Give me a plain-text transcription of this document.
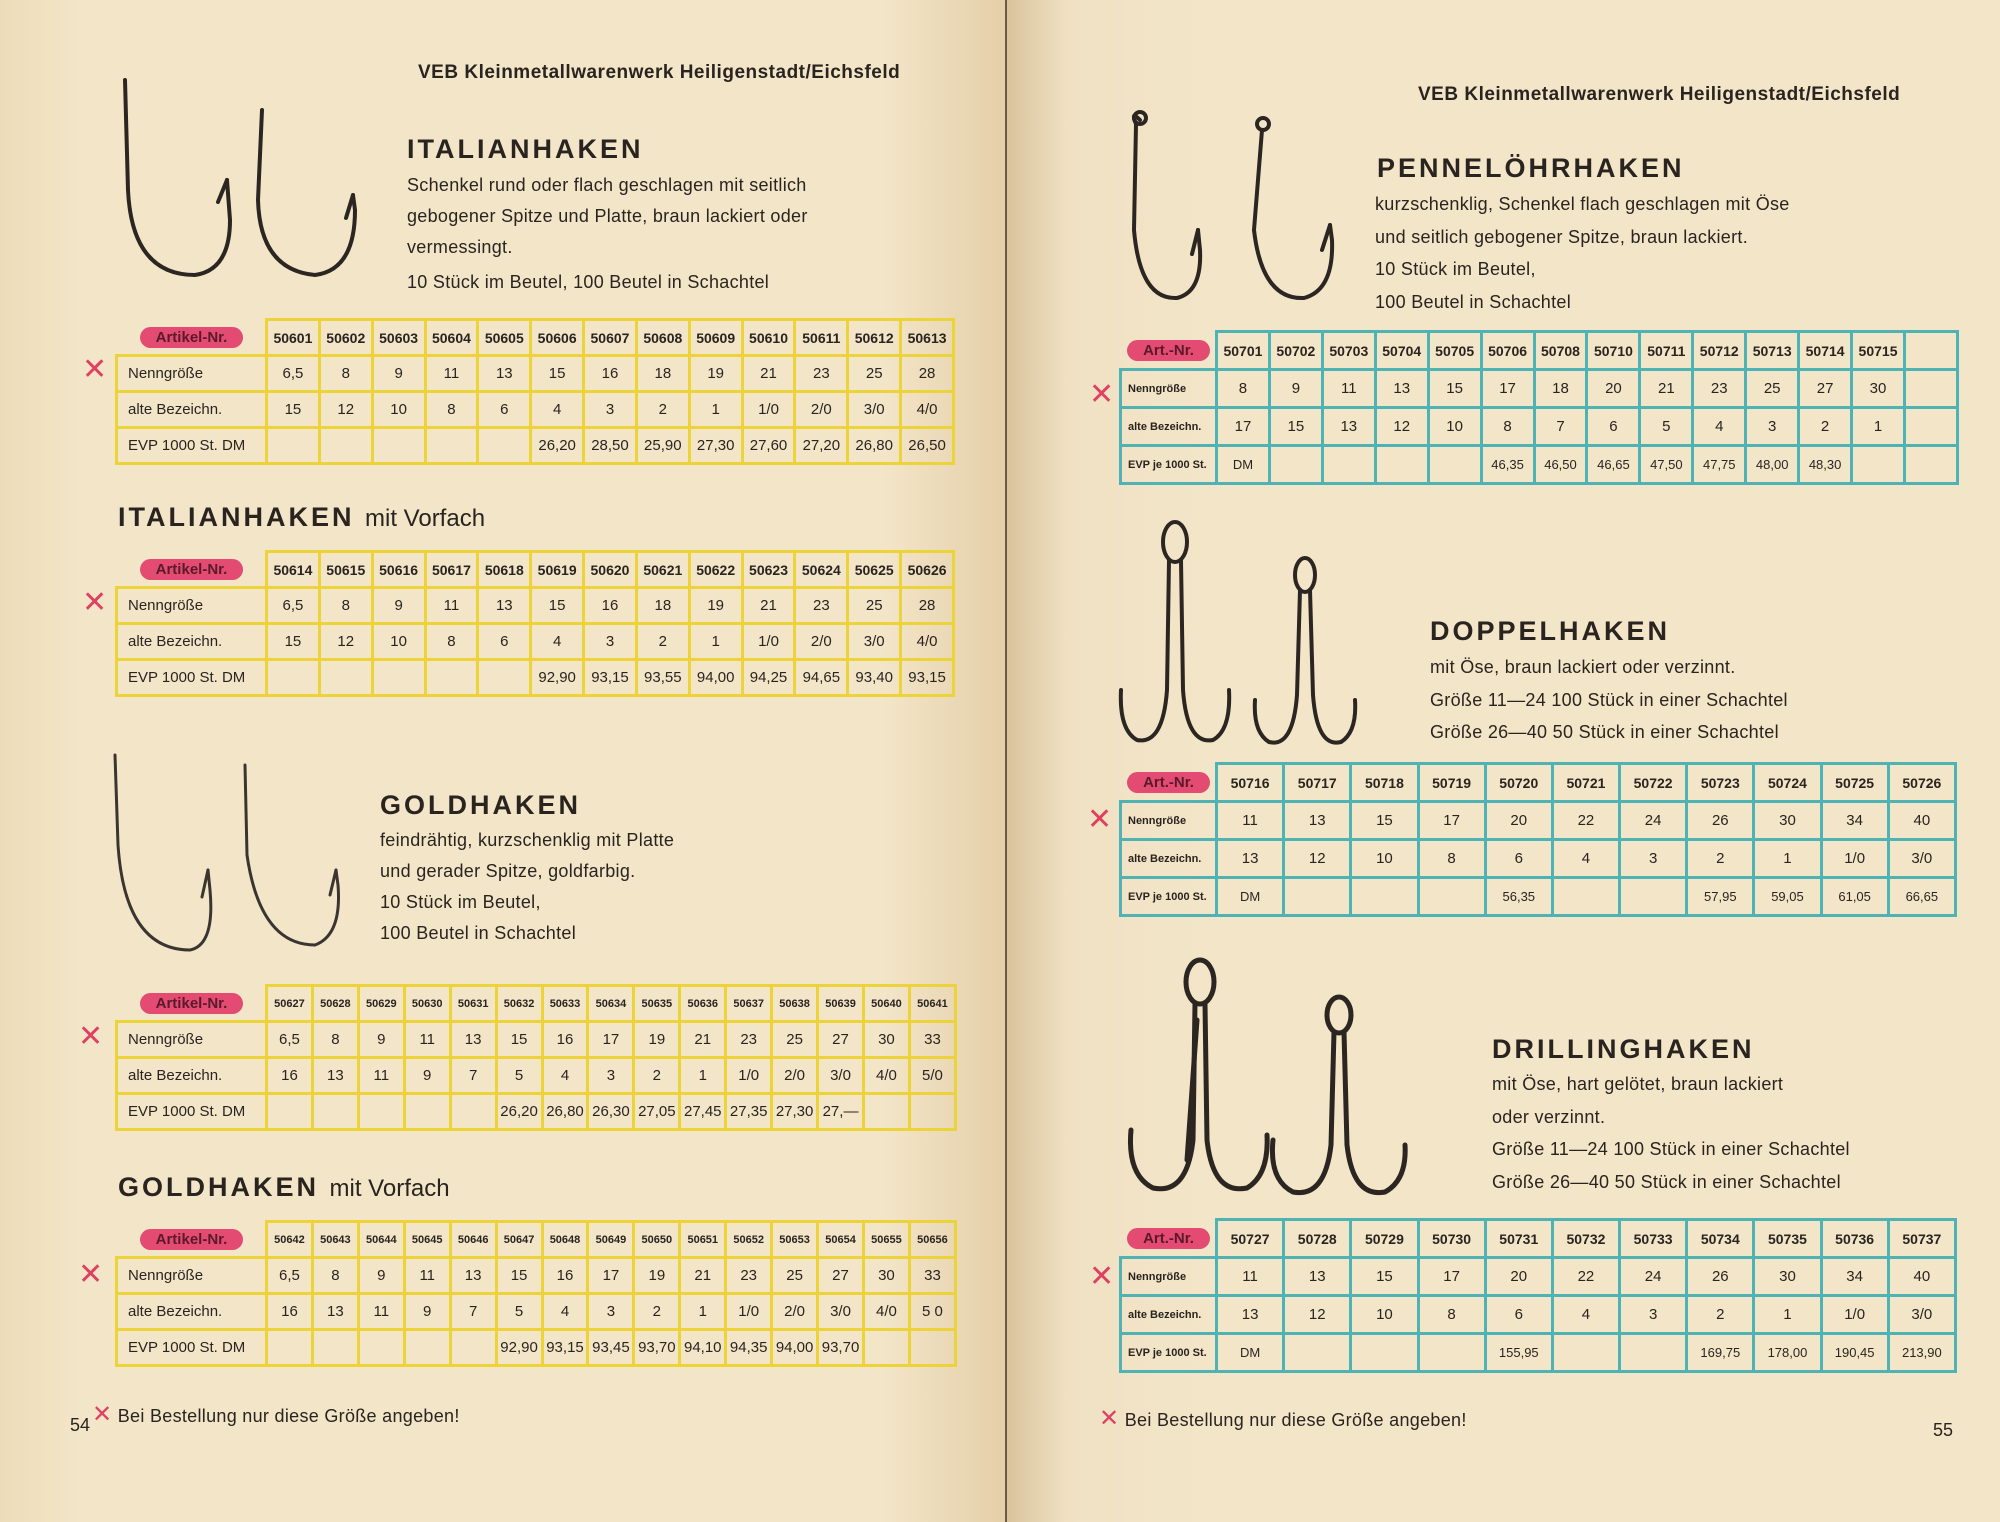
VEB Kleinmetallwarenwerk Heiligenstadt/Eichsfeld
ITALIANHAKEN
Schenkel rund oder flach geschlagen mit seitlich
gebogener Spitze und Platte, braun lackiert oder
vermessingt.
10 Stück im Beutel, 100 Beutel in Schachtel
✕
Artikel-Nr.	50601	50602	50603	50604	50605	50606	50607	50608	50609	50610	50611	50612	50613
Nenngröße	6,5	8	9	11	13	15	16	18	19	21	23	25	28
alte Bezeichn.	15	12	10	8	6	4	3	2	1	1/0	2/0	3/0	4/0
EVP 1000 St. DM						26,20	28,50	25,90	27,30	27,60	27,20	26,80	26,50
ITALIANHAKEN mit Vorfach
✕
Artikel-Nr.	50614	50615	50616	50617	50618	50619	50620	50621	50622	50623	50624	50625	50626
Nenngröße	6,5	8	9	11	13	15	16	18	19	21	23	25	28
alte Bezeichn.	15	12	10	8	6	4	3	2	1	1/0	2/0	3/0	4/0
EVP 1000 St. DM						92,90	93,15	93,55	94,00	94,25	94,65	93,40	93,15
GOLDHAKEN
feindrähtig, kurzschenklig mit Platte
und gerader Spitze, goldfarbig.
10 Stück im Beutel,
100 Beutel in Schachtel
✕
Artikel-Nr.	50627	50628	50629	50630	50631	50632	50633	50634	50635	50636	50637	50638	50639	50640	50641
Nenngröße	6,5	8	9	11	13	15	16	17	19	21	23	25	27	30	33
alte Bezeichn.	16	13	11	9	7	5	4	3	2	1	1/0	2/0	3/0	4/0	5/0
EVP 1000 St. DM						26,20	26,80	26,30	27,05	27,45	27,35	27,30	27,—		
GOLDHAKEN mit Vorfach
✕
Artikel-Nr.	50642	50643	50644	50645	50646	50647	50648	50649	50650	50651	50652	50653	50654	50655	50656
Nenngröße	6,5	8	9	11	13	15	16	17	19	21	23	25	27	30	33
alte Bezeichn.	16	13	11	9	7	5	4	3	2	1	1/0	2/0	3/0	4/0	5 0
EVP 1000 St. DM						92,90	93,15	93,45	93,70	94,10	94,35	94,00	93,70		
54 ✕ Bei Bestellung nur diese Größe angeben!
VEB Kleinmetallwarenwerk Heiligenstadt/Eichsfeld
PENNELÖHRHAKEN
kurzschenklig, Schenkel flach geschlagen mit Öse
und seitlich gebogener Spitze, braun lackiert.
10 Stück im Beutel,
100 Beutel in Schachtel
✕
Art.-Nr.	50701	50702	50703	50704	50705	50706	50708	50710	50711	50712	50713	50714	50715	
Nenngröße	8	9	11	13	15	17	18	20	21	23	25	27	30	
alte Bezeichn.	17	15	13	12	10	8	7	6	5	4	3	2	1	
EVP je 1000 St.	DM					46,35	46,50	46,65	47,50	47,75	48,00	48,30		
DOPPELHAKEN
mit Öse, braun lackiert oder verzinnt.
Größe 11—24 100 Stück in einer Schachtel
Größe 26—40 50 Stück in einer Schachtel
✕
Art.-Nr.	50716	50717	50718	50719	50720	50721	50722	50723	50724	50725	50726
Nenngröße	11	13	15	17	20	22	24	26	30	34	40
alte Bezeichn.	13	12	10	8	6	4	3	2	1	1/0	3/0
EVP je 1000 St.	DM				56,35			57,95	59,05	61,05	66,65
DRILLINGHAKEN
mit Öse, hart gelötet, braun lackiert
oder verzinnt.
Größe 11—24 100 Stück in einer Schachtel
Größe 26—40 50 Stück in einer Schachtel
✕
Art.-Nr.	50727	50728	50729	50730	50731	50732	50733	50734	50735	50736	50737
Nenngröße	11	13	15	17	20	22	24	26	30	34	40
alte Bezeichn.	13	12	10	8	6	4	3	2	1	1/0	3/0
EVP je 1000 St.	DM				155,95			169,75	178,00	190,45	213,90
✕ Bei Bestellung nur diese Größe angeben!	55
